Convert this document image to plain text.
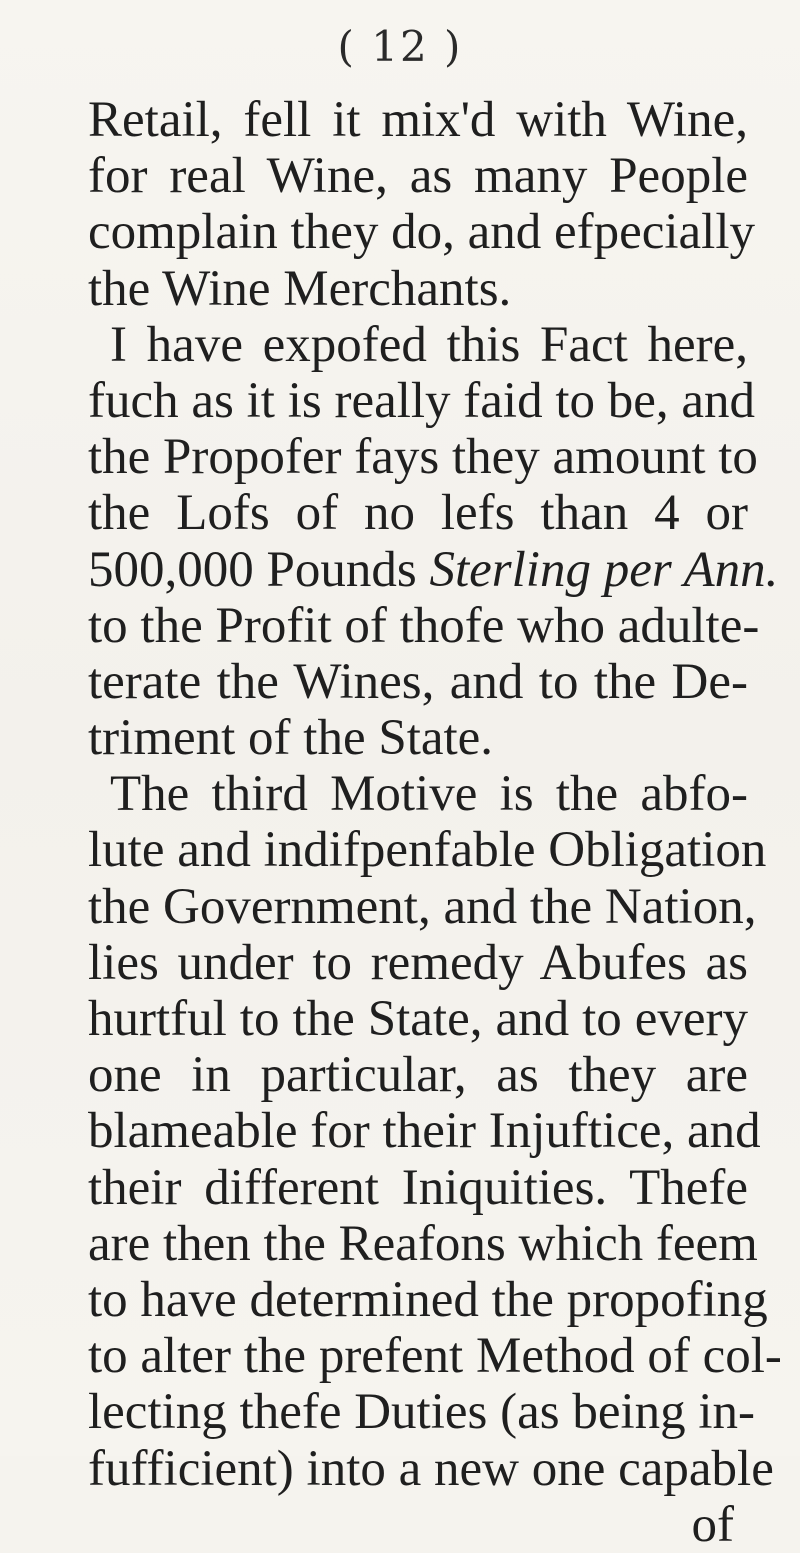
( 12 )
Retail, fell it mix'd with Wine,
for real Wine, as many People
complain they do, and efpecially
the Wine Merchants.
I have expofed this Fact here,
fuch as it is really faid to be, and
the Propofer fays they amount to
the Lofs of no lefs than 4 or
500,000 Pounds Sterling per Ann.
to the Profit of thofe who adulte-
terate the Wines, and to the De-
triment of the State.
The third Motive is the abfo-
lute and indifpenfable Obligation
the Government, and the Nation,
lies under to remedy Abufes as
hurtful to the State, and to every
one in particular, as they are
blameable for their Injuftice, and
their different Iniquities. Thefe
are then the Reafons which feem
to have determined the propofing
to alter the prefent Method of col-
lecting thefe Duties (as being in-
fufficient) into a new one capable
of
